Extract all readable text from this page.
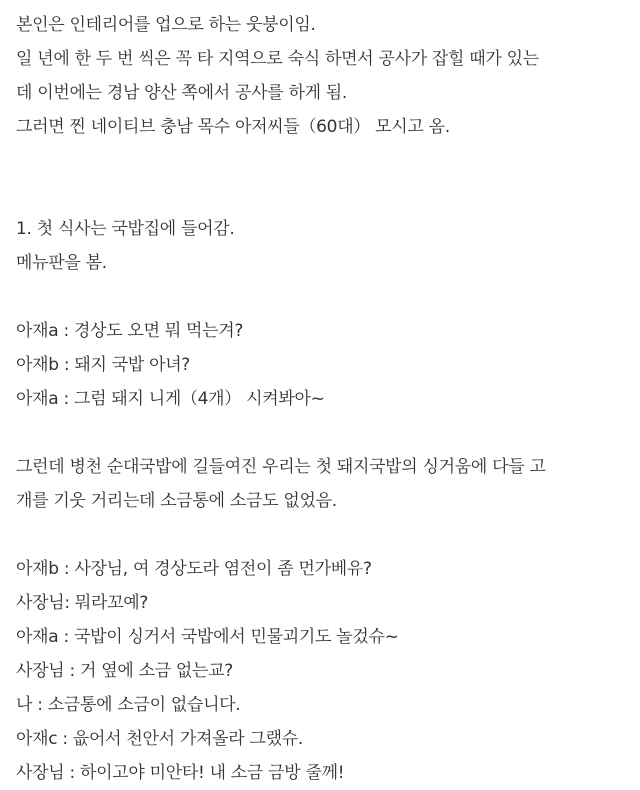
본인은 인테리어를 업으로 하는 웃붕이임.
일 년에 한 두 번 씩은 꼭 타 지역으로 숙식 하면서 공사가 잡힐 때가 있는
데 이번에는 경남 양산 쪽에서 공사를 하게 됨.
그러면 찐 네이티브 충남 목수 아저씨들（60대） 모시고 옴.
1. 첫 식사는 국밥집에 들어감.
메뉴판을 봄.
아재a : 경상도 오면 뭐 먹는겨?
아재b : 돼지 국밥 아녀?
아재a : 그럼 돼지 니게（4개） 시켜봐아~
그런데 병천 순대국밥에 길들여진 우리는 첫 돼지국밥의 싱거움에 다들 고
개를 기웃 거리는데 소금통에 소금도 없었음.
아재b : 사장님, 여 경상도라 염전이 좀 먼가베유?
사장님: 뭐라꼬예?
아재a : 국밥이 싱거서 국밥에서 민물괴기도 놀겄슈~
사장님 : 거 옆에 소금 없는교?
나 : 소금통에 소금이 없습니다.
아재c : 읎어서 천안서 가져올라 그랬슈.
사장님 : 하이고야 미안타! 내 소금 금방 줄께!
